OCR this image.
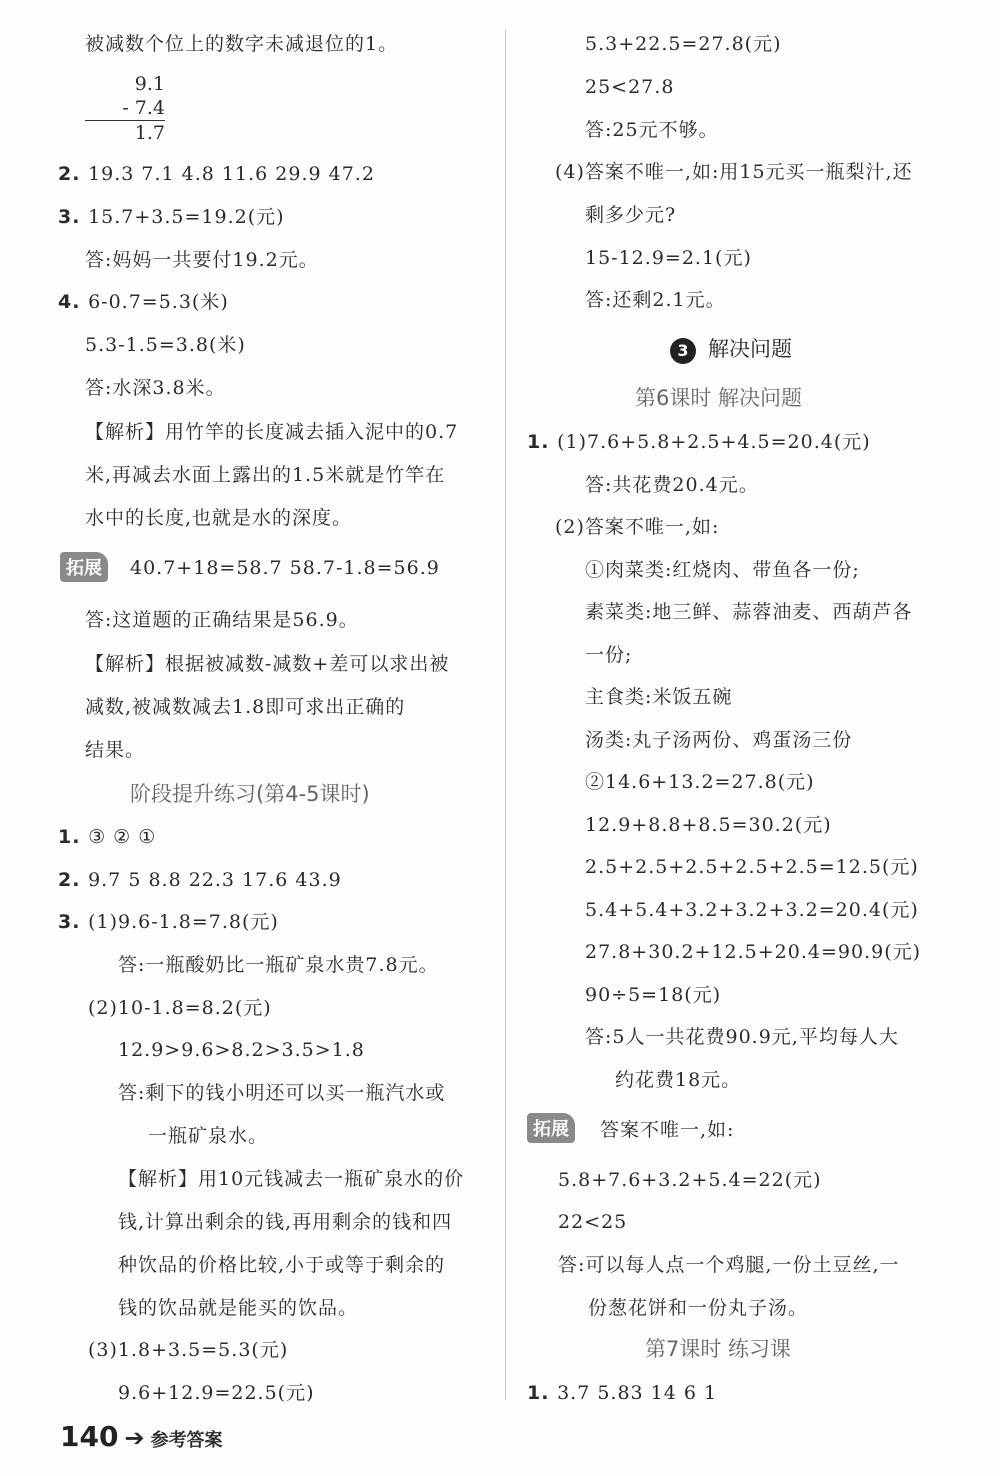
被减数个位上的数字未减退位的1。
2. 19.3 7.1 4.8 11.6 29.9 47.2
3. 15.7+3.5=19.2(元)
答:妈妈一共要付19.2元。
4. 6-0.7=5.3(米)
5.3-1.5=3.8(米)
答:水深3.8米。
【解析】用竹竿的长度减去插入泥中的0.7
米,再减去水面上露出的1.5米就是竹竿在
水中的长度,也就是水的深度。
40.7+18=58.7 58.7-1.8=56.9
答:这道题的正确结果是56.9。
【解析】根据被减数-减数+差可以求出被
减数,被减数减去1.8即可求出正确的
结果。
1. ③ ② ①
2. 9.7 5 8.8 22.3 17.6 43.9
3. (1)9.6-1.8=7.8(元)
答:一瓶酸奶比一瓶矿泉水贵7.8元。
(2)10-1.8=8.2(元)
12.9>9.6>8.2>3.5>1.8
答:剩下的钱小明还可以买一瓶汽水或
一瓶矿泉水。
【解析】用10元钱减去一瓶矿泉水的价
钱,计算出剩余的钱,再用剩余的钱和四
种饮品的价格比较,小于或等于剩余的
钱的饮品就是能买的饮品。
(3)1.8+3.5=5.3(元)
9.6+12.9=22.5(元)
拓展
阶段提升练习(第4-5课时)
5.3+22.5=27.8(元)
25<27.8
答:25元不够。
(4)答案不唯一,如:用15元买一瓶梨汁,还
剩多少元?
15-12.9=2.1(元)
答:还剩2.1元。
1. (1)7.6+5.8+2.5+4.5=20.4(元)
答:共花费20.4元。
(2)答案不唯一,如:
①肉菜类:红烧肉、带鱼各一份;
素菜类:地三鲜、蒜蓉油麦、西葫芦各
一份;
主食类:米饭五碗
汤类:丸子汤两份、鸡蛋汤三份
②14.6+13.2=27.8(元)
12.9+8.8+8.5=30.2(元)
2.5+2.5+2.5+2.5+2.5=12.5(元)
5.4+5.4+3.2+3.2+3.2=20.4(元)
27.8+30.2+12.5+20.4=90.9(元)
90÷5=18(元)
答:5人一共花费90.9元,平均每人大
约花费18元。
答案不唯一,如:
5.8+7.6+3.2+5.4=22(元)
22<25
答:可以每人点一个鸡腿,一份土豆丝,一
份葱花饼和一份丸子汤。
1. 3.7 5.83 14 6 1
拓展
第6课时 解决问题
第7课时 练习课
3 解决问题
9.1
- 7.4
1.7
140 ➔ 参考答案
